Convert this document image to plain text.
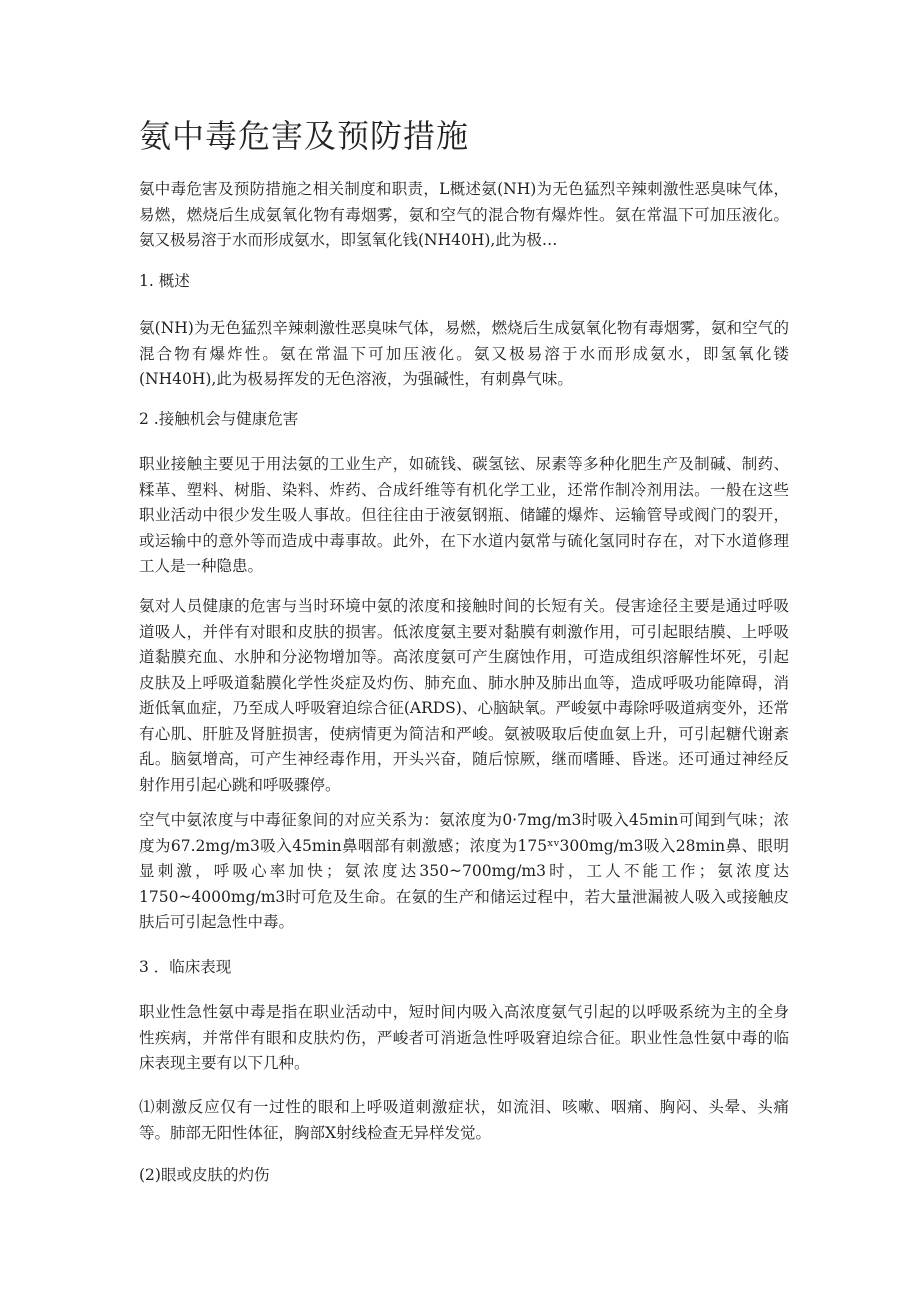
氨中毒危害及预防措施

氨中毒危害及预防措施之相关制度和职责，L概述氨(NH)为无色猛烈辛辣刺激性恶臭味气体，易燃，燃烧后生成氨氧化物有毒烟雾，氨和空气的混合物有爆炸性。氨在常温下可加压液化。氨又极易溶于水而形成氨水，即氢氧化钱(NH40H),此为极…

1. 概述

氨(NH)为无色猛烈辛辣刺激性恶臭味气体，易燃，燃烧后生成氨氧化物有毒烟雾，氨和空气的混合物有爆炸性。氨在常温下可加压液化。氨又极易溶于水而形成氨水，即氢氧化镂(NH40H),此为极易挥发的无色溶液，为强碱性，有刺鼻气味。

2 .接触机会与健康危害

职业接触主要见于用法氨的工业生产，如硫钱、碳氢铉、尿素等多种化肥生产及制碱、制药、糅革、塑料、树脂、染料、炸药、合成纤维等有机化学工业，还常作制冷剂用法。一般在这些职业活动中很少发生吸人事故。但往往由于液氨钢瓶、储罐的爆炸、运输管导或阀门的裂开，或运输中的意外等而造成中毒事故。此外，在下水道内氨常与硫化氢同时存在，对下水道修理工人是一种隐患。

氨对人员健康的危害与当时环境中氨的浓度和接触时间的长短有关。侵害途径主要是通过呼吸道吸人，并伴有对眼和皮肤的损害。低浓度氨主要对黏膜有刺激作用，可引起眼结膜、上呼吸道黏膜充血、水肿和分泌物增加等。高浓度氨可产生腐蚀作用，可造成组织溶解性坏死，引起皮肤及上呼吸道黏膜化学性炎症及灼伤、肺充血、肺水肿及肺出血等，造成呼吸功能障碍，消逝低氧血症，乃至成人呼吸窘迫综合征(ARDS)、心脑缺氧。严峻氨中毒除呼吸道病变外，还常有心肌、肝脏及肾脏损害，使病情更为简洁和严峻。氨被吸取后使血氨上升，可引起糖代谢紊乱。脑氨增高，可产生神经毒作用，开头兴奋，随后惊厥，继而嗜睡、昏迷。还可通过神经反射作用引起心跳和呼吸骤停。

空气中氨浓度与中毒征象间的对应关系为：氨浓度为0·7mg/m3时吸入45min可闻到气味；浓度为67.2mg/m3吸入45min鼻咽部有刺激感；浓度为175ˣᵛ300mg/m3吸入28min鼻、眼明显刺激，呼吸心率加快；氨浓度达350~700mg/m3时，工人不能工作；氨浓度达1750~4000mg/m3时可危及生命。在氨的生产和储运过程中，若大量泄漏被人吸入或接触皮肤后可引起急性中毒。

3 ．临床表现

职业性急性氨中毒是指在职业活动中，短时间内吸入高浓度氨气引起的以呼吸系统为主的全身性疾病，并常伴有眼和皮肤灼伤，严峻者可消逝急性呼吸窘迫综合征。职业性急性氨中毒的临床表现主要有以下几种。

⑴刺激反应仅有一过性的眼和上呼吸道刺激症状，如流泪、咳嗽、咽痛、胸闷、头晕、头痛等。肺部无阳性体征，胸部X射线检查无异样发觉。

(2)眼或皮肤的灼伤
